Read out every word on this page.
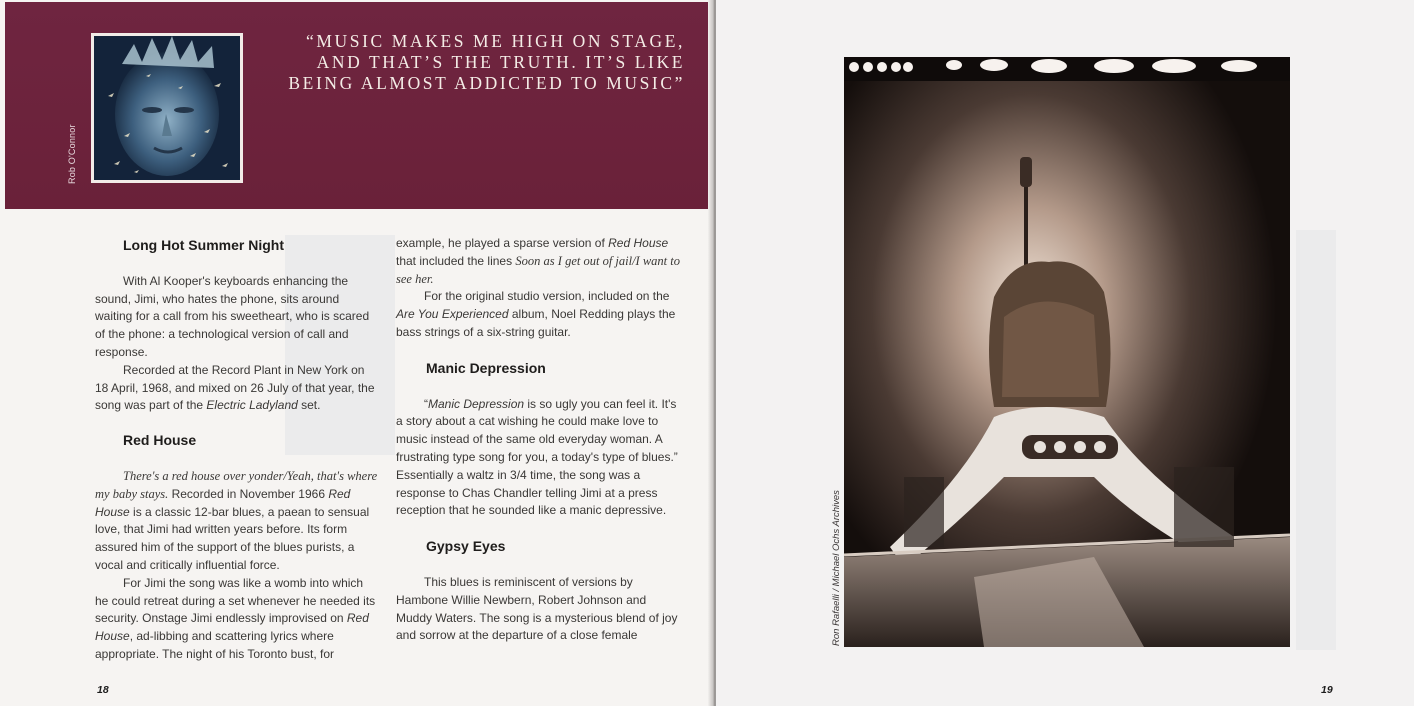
Rob O'Connor
“MUSIC MAKES ME HIGH ON STAGE, AND THAT’S THE TRUTH. IT’S LIKE BEING ALMOST ADDICTED TO MUSIC”
Long Hot Summer Night

With Al Kooper's keyboards enhancing the sound, Jimi, who hates the phone, sits around waiting for a call from his sweetheart, who is scared of the phone: a technological version of call and response.

Recorded at the Record Plant in New York on 18 April, 1968, and mixed on 26 July of that year, the song was part of the Electric Ladyland set.

Red House

There's a red house over yonder/Yeah, that's where my baby stays. Recorded in November 1966 Red House is a classic 12-bar blues, a paean to sensual love, that Jimi had written years before. Its form assured him of the support of the blues purists, a vocal and critically influential force.

For Jimi the song was like a womb into which he could retreat during a set whenever he needed its security. Onstage Jimi endlessly improvised on Red House, ad-libbing and scattering lyrics where appropriate. The night of his Toronto bust, for

example, he played a sparse version of Red House that included the lines Soon as I get out of jail/I want to see her.

For the original studio version, included on the Are You Experienced album, Noel Redding plays the bass strings of a six-string guitar.

Manic Depression

“Manic Depression is so ugly you can feel it. It's a story about a cat wishing he could make love to music instead of the same old everyday woman. A frustrating type song for you, a today's type of blues.” Essentially a waltz in 3/4 time, the song was a response to Chas Chandler telling Jimi at a press reception that he sounded like a manic depressive.

Gypsy Eyes

This blues is reminiscent of versions by Hambone Willie Newbern, Robert Johnson and Muddy Waters. The song is a mysterious blend of joy and sorrow at the departure of a close female

18
Ron Rafaelli / Michael Ochs Archives
19
